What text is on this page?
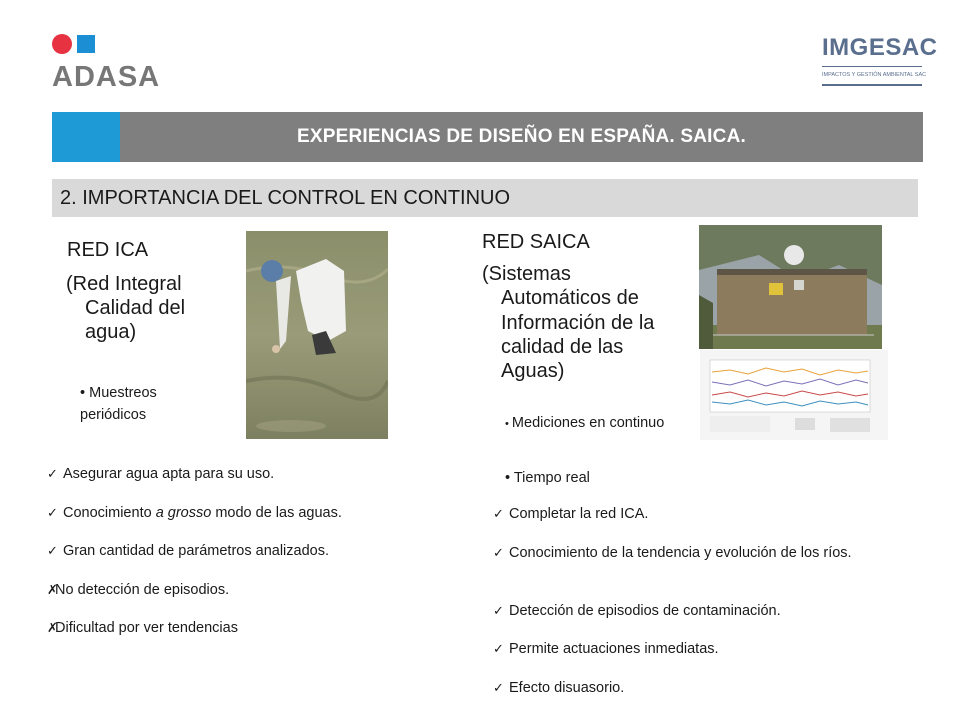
ADASA
IMGESAC
IMPACTOS Y GESTIÓN AMBIENTAL SAC
EXPERIENCIAS DE DISEÑO EN ESPAÑA. SAICA.
2. IMPORTANCIA DEL CONTROL EN CONTINUO
RED ICA
(Red Integral
Calidad del
agua)
• Muestreos periódicos
✓ Asegurar agua apta para su uso.
✓ Conocimiento a grosso modo de las aguas.
✓ Gran cantidad de parámetros analizados.
✗No detección de episodios.
✗Dificultad por ver tendencias
RED SAICA
(Sistemas
Automáticos de
Información de la
calidad de las
Aguas)
• Mediciones en continuo
• Tiempo real
✓ Completar la red ICA.
✓ Conocimiento de la tendencia y evolución de los ríos.
✓ Detección de episodios de contaminación.
✓ Permite actuaciones inmediatas.
✓ Efecto disuasorio.
